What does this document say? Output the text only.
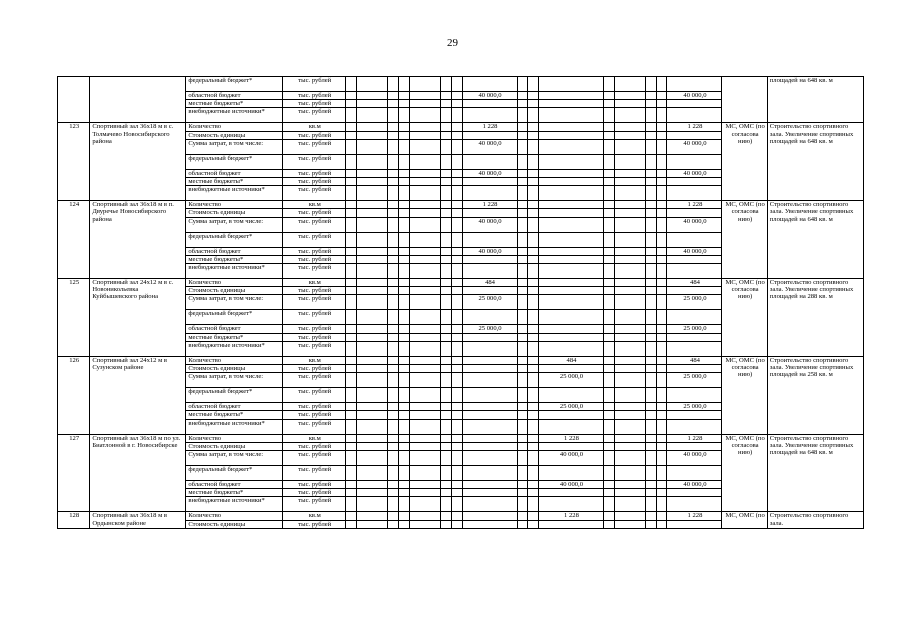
29
		федеральный бюджет*	тыс. рублей																		площадей на 648 кв. м
		областной бюджет	тыс. рублей								40 000,0								40 000,0		
		местные бюджеты*	тыс. рублей																		
		внебюджетные источники*	тыс. рублей																		
123	Спортивный зал 36х18 м в с. Толмачево Новосибирского района	Количество	кв.м								1 228								1 228	МС, ОМС (по согласова нию)	Строительство спортивного зала. Увеличение спортивных площадей на 648 кв. м
		Стоимость единицы	тыс. рублей																		
		Сумма затрат, в том числе:	тыс. рублей								40 000,0								40 000,0		
		федеральный бюджет*	тыс. рублей																		
		областной бюджет	тыс. рублей								40 000,0								40 000,0		
		местные бюджеты*	тыс. рублей																		
		внебюджетные источники*	тыс. рублей																		
124	Спортивный зал 36х18 м в п. Двуречье Новосибирского района	Количество	кв.м								1 228								1 228	МС, ОМС (по согласова нию)	Строительство спортивного зала. Увеличение спортивных площадей на 648 кв. м
		Стоимость единицы	тыс. рублей																		
		Сумма затрат, в том числе:	тыс. рублей								40 000,0								40 000,0		
		федеральный бюджет*	тыс. рублей																		
		областной бюджет	тыс. рублей								40 000,0								40 000,0		
		местные бюджеты*	тыс. рублей																		
		внебюджетные источники*	тыс. рублей																		
125	Спортивный зал 24х12 м в с. Новоникольевка Куйбышевского района	Количество	кв.м								484								484	МС, ОМС (по согласова нию)	Строительство спортивного зала. Увеличение спортивных площадей на 288 кв. м
		Стоимость единицы	тыс. рублей																		
		Сумма затрат, в том числе:	тыс. рублей								25 000,0								25 000,0		
		федеральный бюджет*	тыс. рублей																		
		областной бюджет	тыс. рублей								25 000,0								25 000,0		
		местные бюджеты*	тыс. рублей																		
		внебюджетные источники*	тыс. рублей																		
126	Спортивный зал 24х12 м в Сузунском районе	Количество	кв.м											484					484	МС, ОМС (по согласова нию)	Строительство спортивного зала. Увеличение спортивных площадей на 258 кв. м
		Стоимость единицы	тыс. рублей																		
		Сумма затрат, в том числе:	тыс. рублей											25 000,0					25 000,0		
		федеральный бюджет*	тыс. рублей																		
		областной бюджет	тыс. рублей											25 000,0					25 000,0		
		местные бюджеты*	тыс. рублей																		
		внебюджетные источники*	тыс. рублей																		
127	Спортивный зал 36х18 м по ул. Биатлонной в г. Новосибирске	Количество	кв.м											1 228					1 228	МС, ОМС (по согласова нию)	Строительство спортивного зала. Увеличение спортивных площадей на 648 кв. м
		Стоимость единицы	тыс. рублей																		
		Сумма затрат, в том числе:	тыс. рублей											40 000,0					40 000,0		
		федеральный бюджет*	тыс. рублей																		
		областной бюджет	тыс. рублей											40 000,0					40 000,0		
		местные бюджеты*	тыс. рублей																		
		внебюджетные источники*	тыс. рублей																		
128	Спортивный зал 36х18 м в Ордынском районе	Количество	кв.м											1 228					1 228	МС, ОМС (по	Строительство спортивного зала.
		Стоимость единицы	тыс. рублей																		
